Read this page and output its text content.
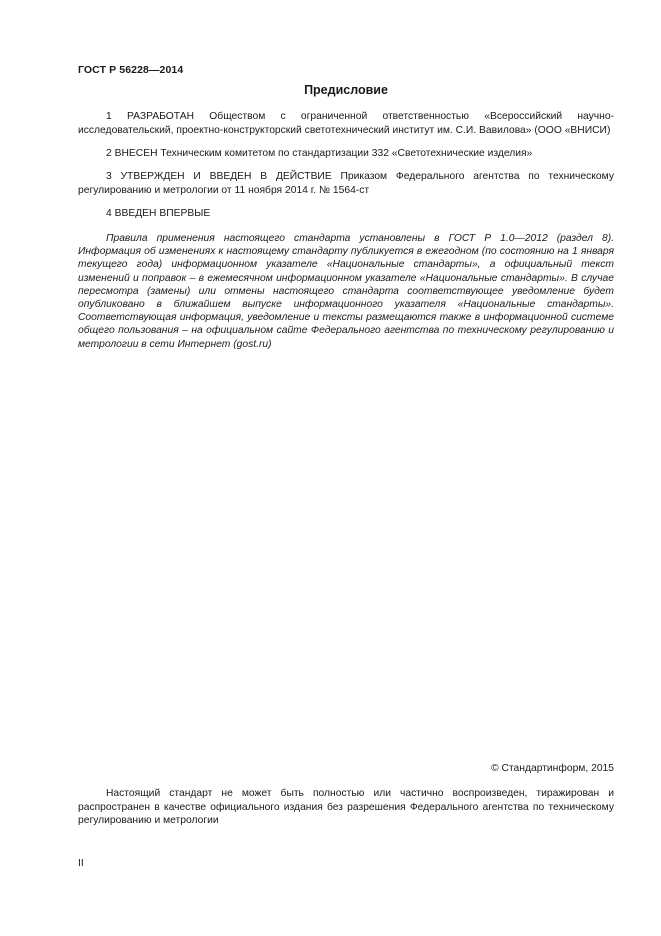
ГОСТ Р 56228—2014
Предисловие

1 РАЗРАБОТАН Обществом с ограниченной ответственностью «Всероссийский научно-исследовательский, проектно-конструкторский светотехнический институт им. С.И. Вавилова» (ООО «ВНИСИ)

2 ВНЕСЕН Техническим комитетом по стандартизации 332 «Светотехнические изделия»

3 УТВЕРЖДЕН И ВВЕДЕН В ДЕЙСТВИЕ Приказом Федерального агентства по техническому регулированию и метрологии от 11 ноября 2014 г. № 1564-ст

4 ВВЕДЕН ВПЕРВЫЕ

Правила применения настоящего стандарта установлены в ГОСТ Р 1.0—2012 (раздел 8). Информация об изменениях к настоящему стандарту публикуется в ежегодном (по состоянию на 1 января текущего года) информационном указателе «Национальные стандарты», а официальный текст изменений и поправок – в ежемесячном информационном указателе «Национальные стандарты». В случае пересмотра (замены) или отмены настоящего стандарта соответствующее уведомление будет опубликовано в ближайшем выпуске информационного указателя «Национальные стандарты». Соответствующая информация, уведомление и тексты размещаются также в информационной системе общего пользования – на официальном сайте Федерального агентства по техническому регулированию и метрологии в сети Интернет (gost.ru)

© Стандартинформ, 2015

Настоящий стандарт не может быть полностью или частично воспроизведен, тиражирован и распространен в качестве официального издания без разрешения Федерального агентства по техническому регулированию и метрологии

II
